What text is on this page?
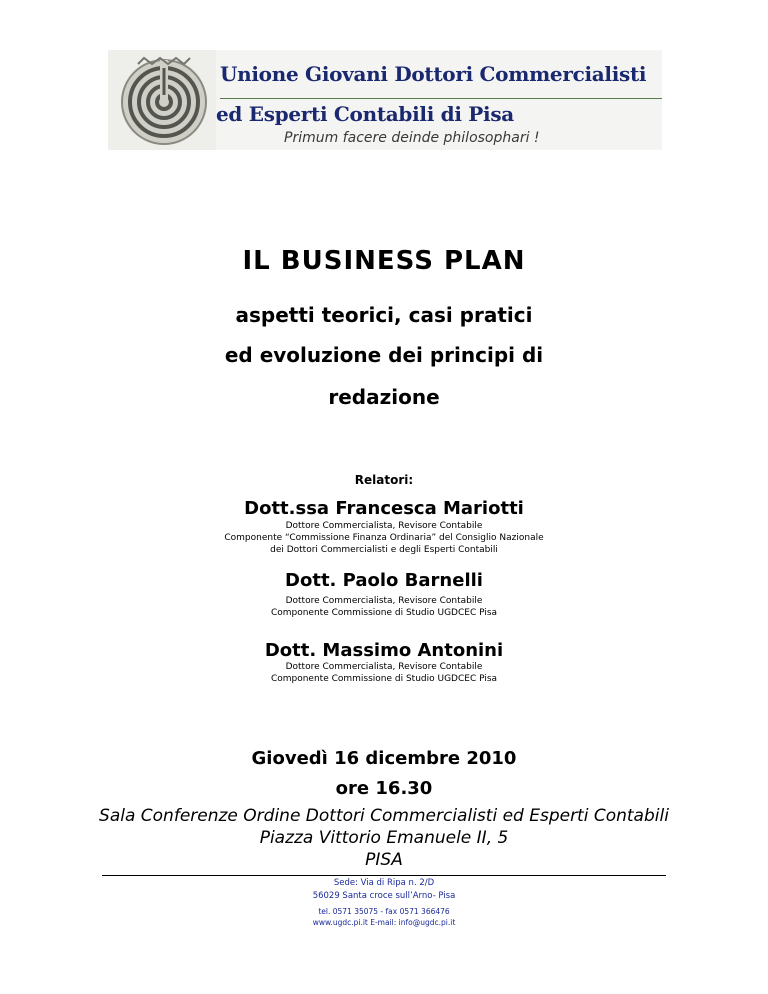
Unione Giovani Dottori Commercialisti
ed Esperti Contabili di Pisa
Primum facere deinde philosophari !
IL BUSINESS PLAN
aspetti teorici, casi pratici
ed evoluzione dei principi di
redazione
Relatori:
Dott.ssa Francesca Mariotti
Dottore Commercialista, Revisore Contabile
Componente “Commissione Finanza Ordinaria” del Consiglio Nazionale
dei Dottori Commercialisti e degli Esperti Contabili
Dott. Paolo Barnelli
Dottore Commercialista, Revisore Contabile
Componente Commissione di Studio UGDCEC Pisa
Dott. Massimo Antonini
Dottore Commercialista, Revisore Contabile
Componente Commissione di Studio UGDCEC Pisa
Giovedì 16 dicembre 2010
ore 16.30
Sala Conferenze Ordine Dottori Commercialisti ed Esperti Contabili
Piazza Vittorio Emanuele II, 5
PISA
Sede: Via di Ripa n. 2/D
56029 Santa croce sull’Arno- Pisa
tel. 0571 35075 - fax 0571 366476
www.ugdc.pi.it E-mail: info@ugdc.pi.it
